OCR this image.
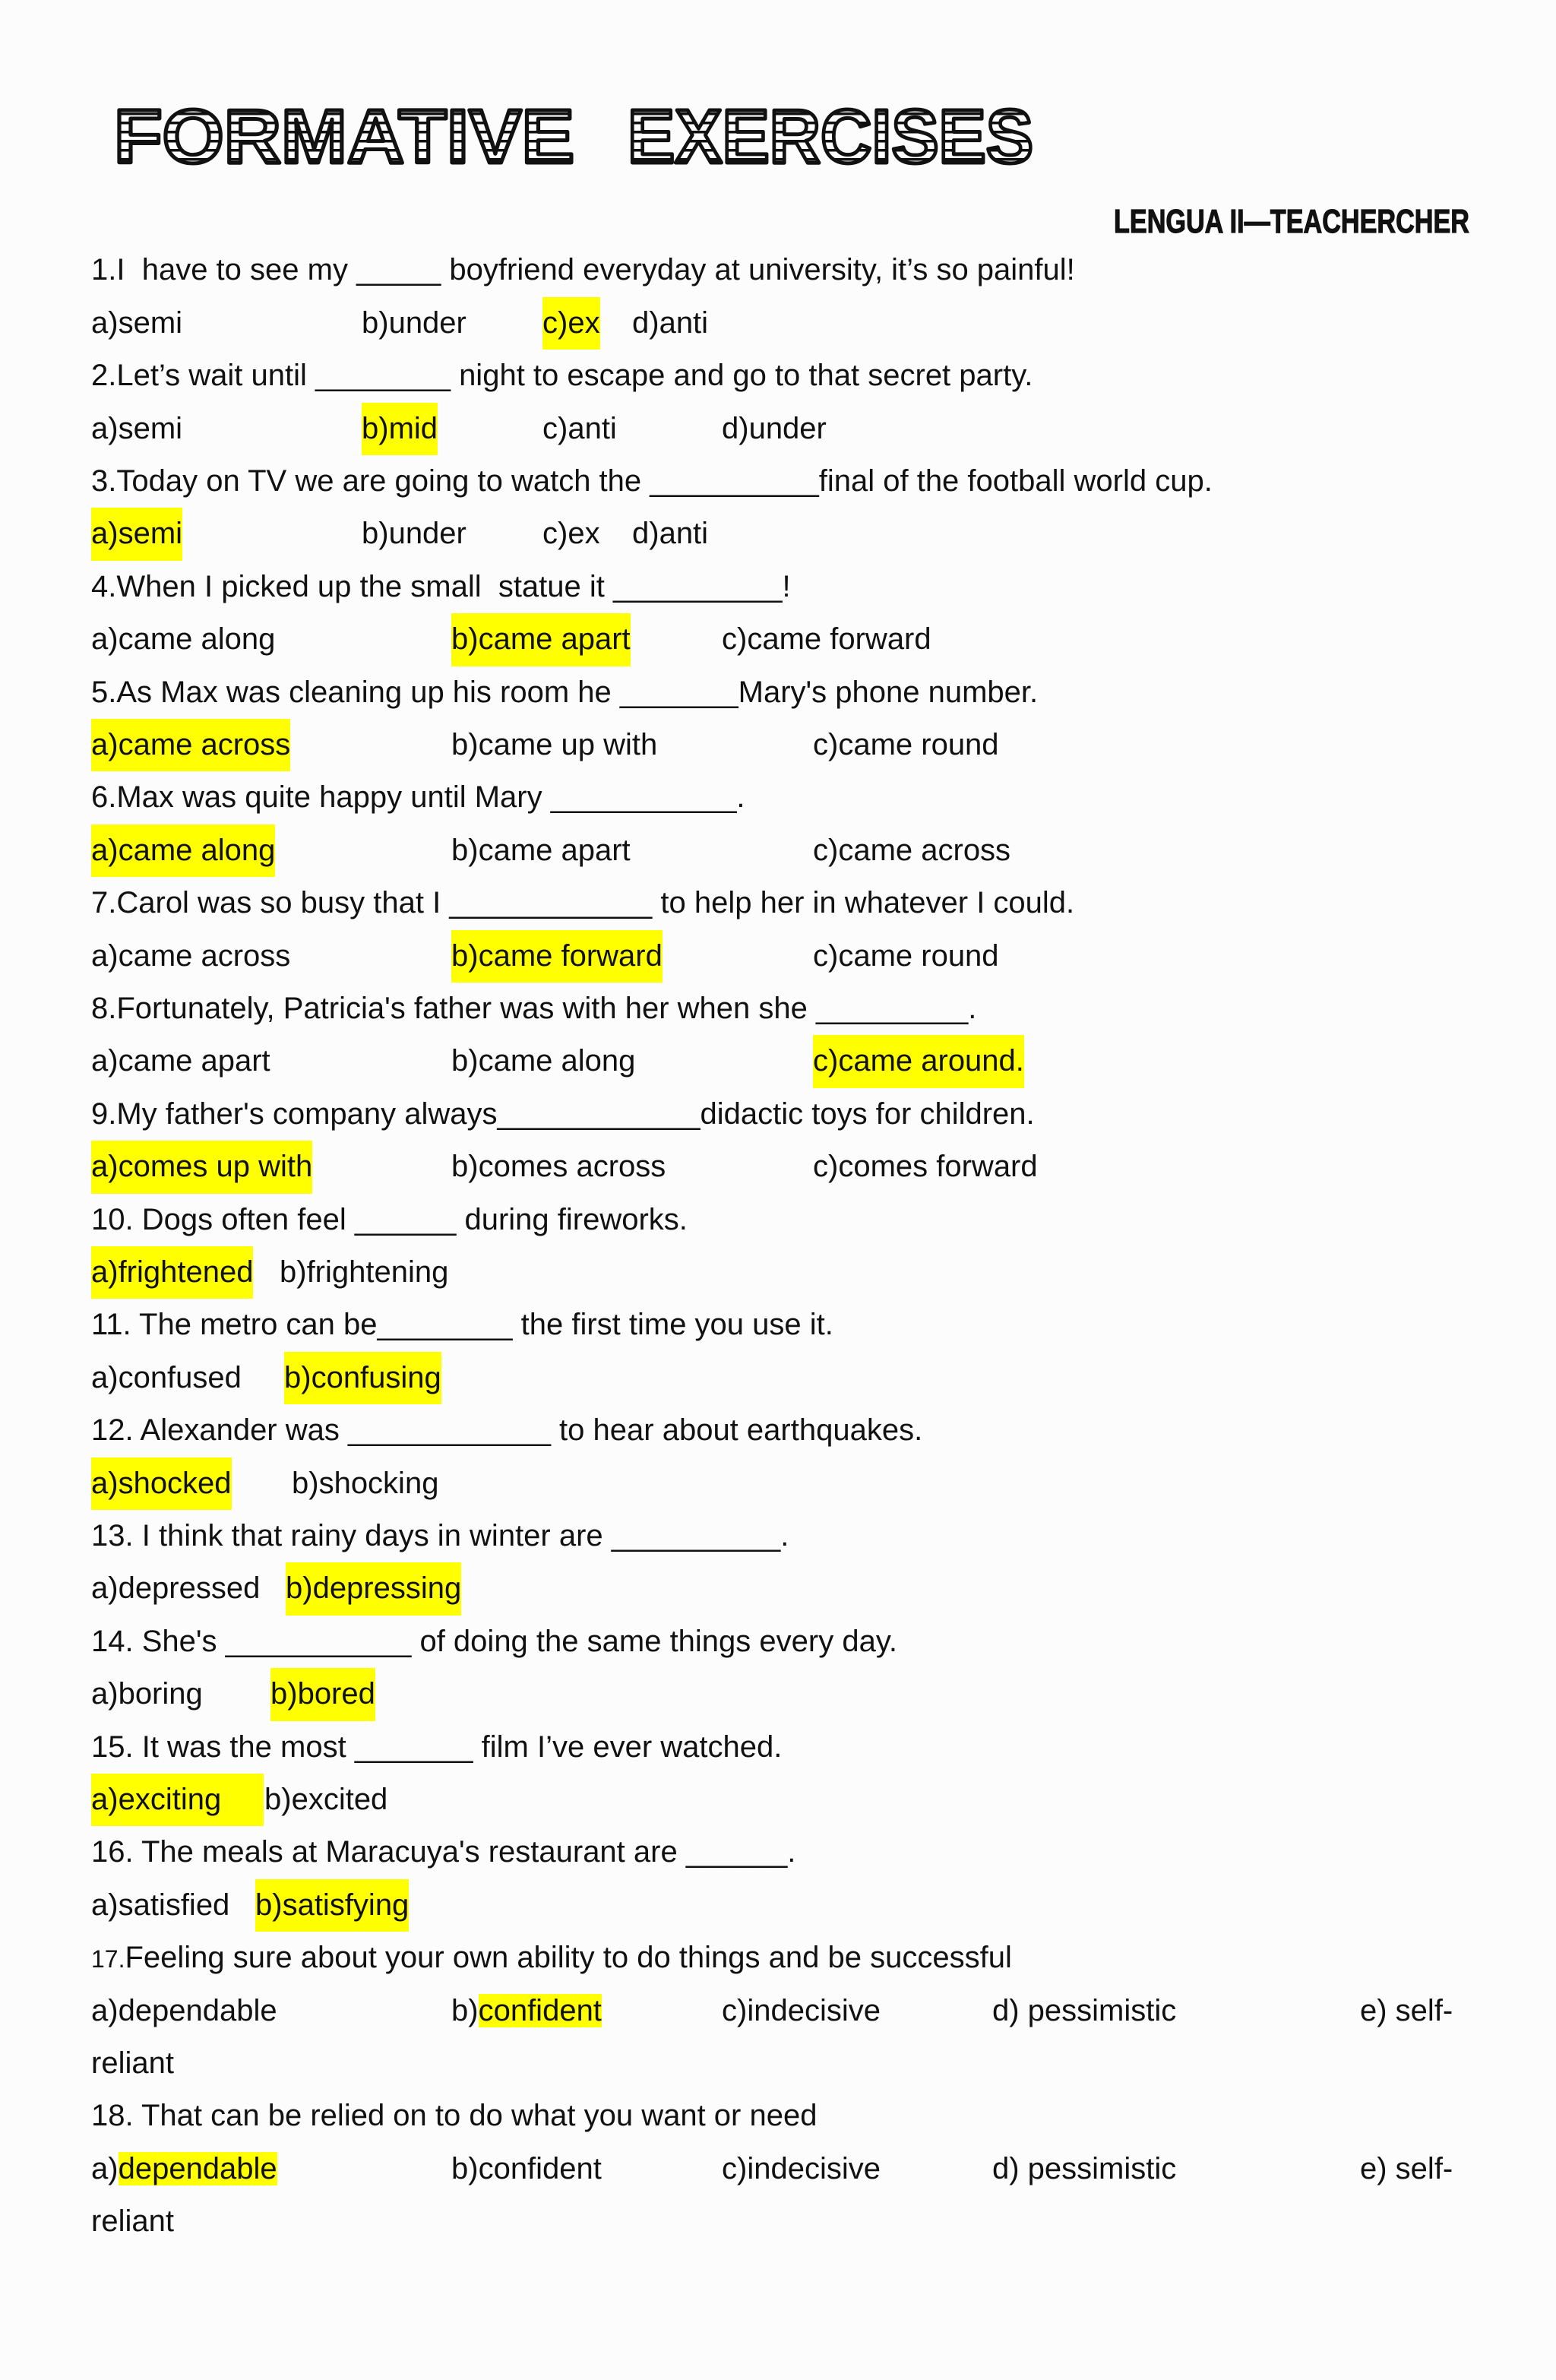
FORMATIVE EXERCISES
LENGUA II—TEACHERCHER
1.I  have to see my _____ boyfriend everyday at university, it’s so painful!
a)semi	b)under	c)ex d)anti
2.Let’s wait until ________ night to escape and go to that secret party.
a)semi	b)mid	c)anti	d)under
3.Today on TV we are going to watch the __________final of the football world cup.
a)semi	b)under	c)ex d)anti
4.When I picked up the small  statue it __________!
a)came along	b)came apart	c)came forward
5.As Max was cleaning up his room he _______Mary's phone number.
a)came across	b)came up with	c)came round
6.Max was quite happy until Mary ___________.
a)came along	b)came apart	c)came across
7.Carol was so busy that I ____________ to help her in whatever I could.
a)came across	b)came forward	c)came round
8.Fortunately, Patricia's father was with her when she _________.
a)came apart	b)came along	c)came around.
9.My father's company always____________didactic toys for children.
a)comes up with	b)comes across	c)comes forward
10. Dogs often feel ______ during fireworks.
a)frightened b)frightening
11. The metro can be________ the first time you use it.
a)confused b)confusing
12. Alexander was ____________ to hear about earthquakes.
a)shocked b)shocking
13. I think that rainy days in winter are __________.
a)depressed b)depressing
14. She's ___________ of doing the same things every day.
a)boring b)bored
15. It was the most _______ film I’ve ever watched.
a)exciting	b)excited
16. The meals at Maracuya's restaurant are ______.
a)satisfied b)satisfying
17.Feeling sure about your own ability to do things and be successful
a)dependable	b)confident	c)indecisive	d) pessimistic	e) self-
reliant
18. That can be relied on to do what you want or need
a)dependable	b)confident	c)indecisive	d) pessimistic	e) self-
reliant
